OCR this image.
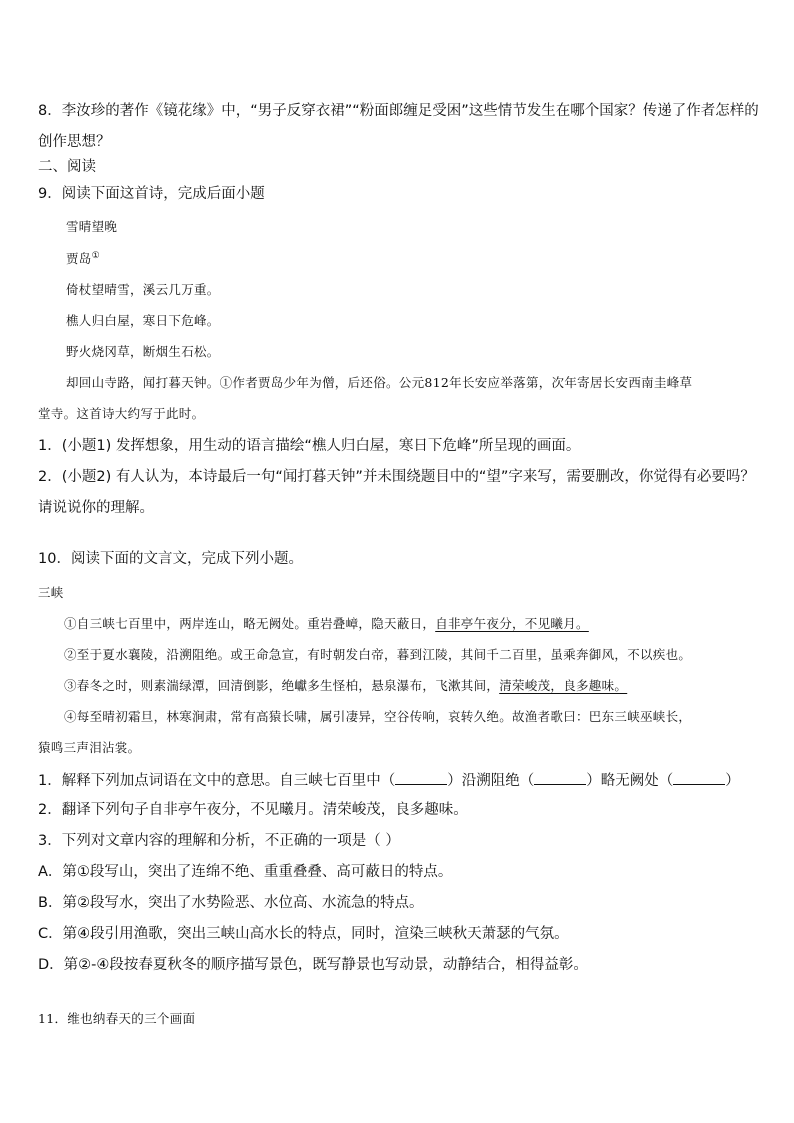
8．李汝珍的著作《镜花缘》中，“男子反穿衣裙”“粉面郎缠足受困”这些情节发生在哪个国家？传递了作者怎样的
创作思想？
二、阅读
9．阅读下面这首诗，完成后面小题
雪晴望晚
贾岛①
倚杖望晴雪，溪云几万重。
樵人归白屋，寒日下危峰。
野火烧冈草，断烟生石松。
却回山寺路，闻打暮天钟。①作者贾岛少年为僧，后还俗。公元812年长安应举落第，次年寄居长安西南圭峰草
堂寺。这首诗大约写于此时。
1．(小题1) 发挥想象，用生动的语言描绘“樵人归白屋，寒日下危峰”所呈现的画面。
2．(小题2) 有人认为，本诗最后一句“闻打暮天钟”并未围绕题目中的“望”字来写，需要删改，你觉得有必要吗？
请说说你的理解。
10．阅读下面的文言文，完成下列小题。
三峡
①自三峡七百里中，两岸连山，略无阙处。重岩叠嶂，隐天蔽日，自非亭午夜分，不见曦月。
②至于夏水襄陵，沿溯阻绝。或王命急宣，有时朝发白帝，暮到江陵，其间千二百里，虽乘奔御风，不以疾也。
③春冬之时，则素湍绿潭，回清倒影，绝巘多生怪柏，悬泉瀑布，飞漱其间，清荣峻茂，良多趣味。
④每至晴初霜旦，林寒涧肃，常有高猿长啸，属引凄异，空谷传响，哀转久绝。故渔者歌曰：巴东三峡巫峡长，
猿鸣三声泪沾裳。
1．解释下列加点词语在文中的意思。自三峡七百里中（	）沿溯阻绝（	）略无阙处（	）
2．翻译下列句子自非亭午夜分，不见曦月。清荣峻茂，良多趣味。
3．下列对文章内容的理解和分析，不正确的一项是（ ）
A．第①段写山，突出了连绵不绝、重重叠叠、高可蔽日的特点。
B．第②段写水，突出了水势险恶、水位高、水流急的特点。
C．第④段引用渔歌，突出三峡山高水长的特点，同时，渲染三峡秋天萧瑟的气氛。
D．第②-④段按春夏秋冬的顺序描写景色，既写静景也写动景，动静结合，相得益彰。
11．维也纳春天的三个画面
